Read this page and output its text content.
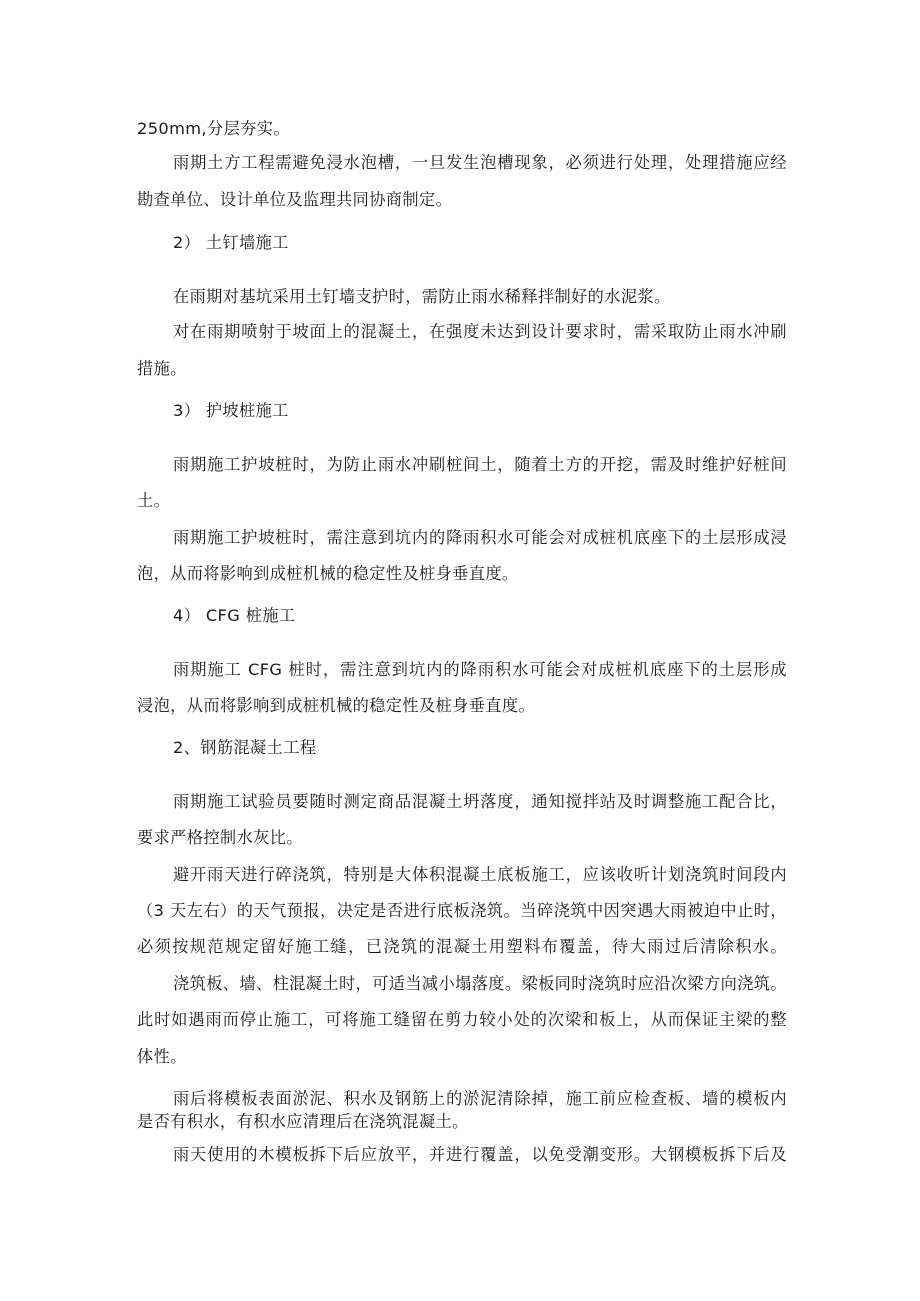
250mm,分层夯实。
雨期土方工程需避免浸水泡槽，一旦发生泡槽现象，必须进行处理，处理措施应经
勘查单位、设计单位及监理共同协商制定。
2） 土钉墙施工
在雨期对基坑采用土钉墙支护时，需防止雨水稀释拌制好的水泥浆。
对在雨期喷射于坡面上的混凝土，在强度未达到设计要求时，需采取防止雨水冲刷
措施。
3） 护坡桩施工
雨期施工护坡桩时，为防止雨水冲刷桩间土，随着土方的开挖，需及时维护好桩间
土。
雨期施工护坡桩时，需注意到坑内的降雨积水可能会对成桩机底座下的土层形成浸
泡，从而将影响到成桩机械的稳定性及桩身垂直度。
4） CFG 桩施工
雨期施工 CFG 桩时，需注意到坑内的降雨积水可能会对成桩机底座下的土层形成
浸泡，从而将影响到成桩机械的稳定性及桩身垂直度。
2、钢筋混凝土工程
雨期施工试验员要随时测定商品混凝土坍落度，通知搅拌站及时调整施工配合比，
要求严格控制水灰比。
避开雨天进行碎浇筑，特别是大体积混凝土底板施工，应该收听计划浇筑时间段内
（3 天左右）的天气预报，决定是否进行底板浇筑。当碎浇筑中因突遇大雨被迫中止时，
必须按规范规定留好施工缝，已浇筑的混凝土用塑料布覆盖，待大雨过后清除积水。
浇筑板、墙、柱混凝土时，可适当减小塌落度。梁板同时浇筑时应沿次梁方向浇筑。
此时如遇雨而停止施工，可将施工缝留在剪力较小处的次梁和板上，从而保证主梁的整
体性。
雨后将模板表面淤泥、积水及钢筋上的淤泥清除掉，施工前应检查板、墙的模板内
是否有积水，有积水应清理后在浇筑混凝土。
雨天使用的木模板拆下后应放平，并进行覆盖，以免受潮变形。大钢模板拆下后及
